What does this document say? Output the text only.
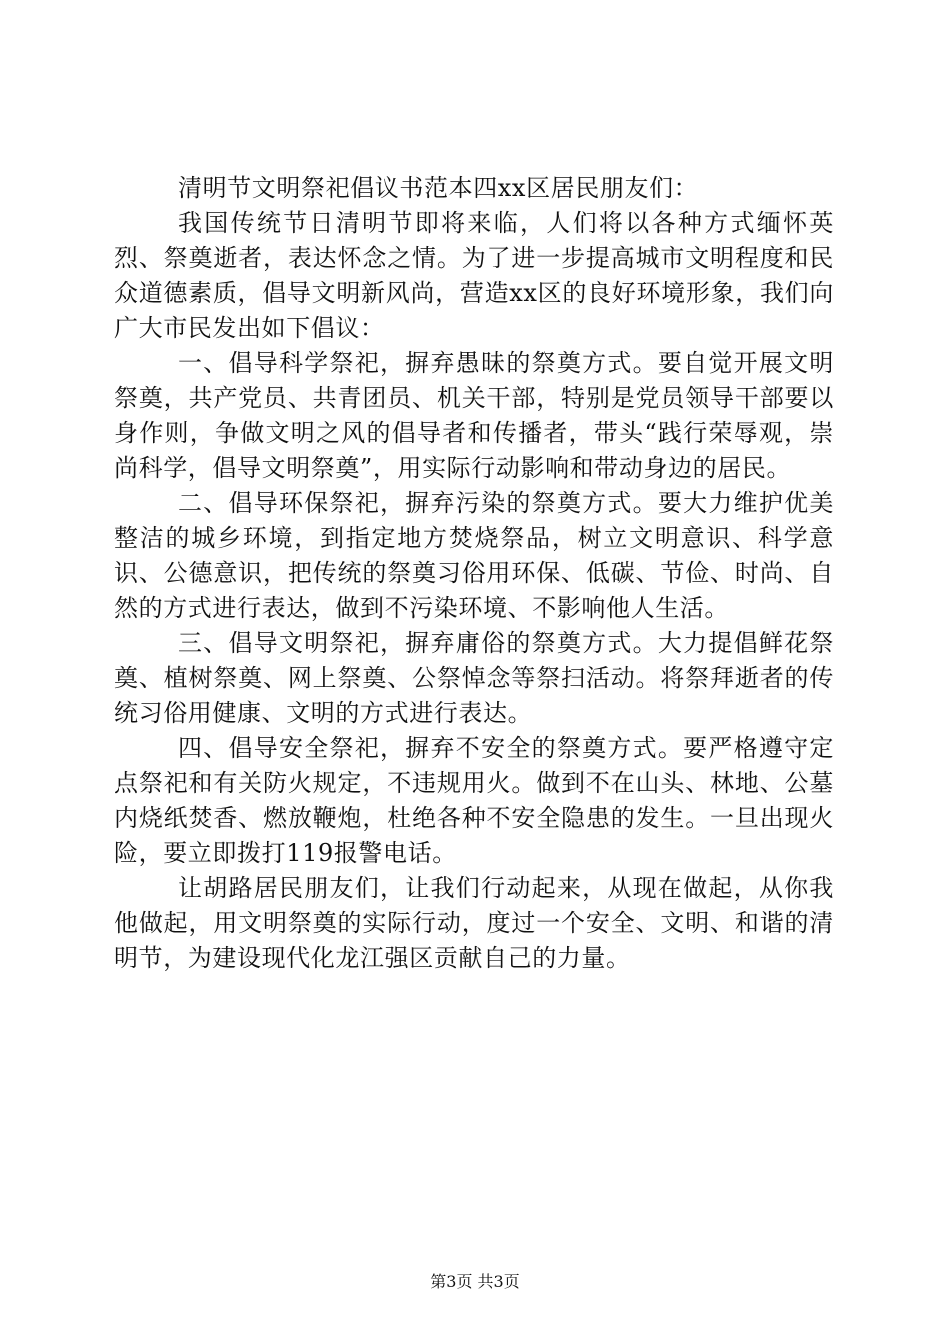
清明节文明祭祀倡议书范本四xx区居民朋友们：

我国传统节日清明节即将来临，人们将以各种方式缅怀英烈、祭奠逝者，表达怀念之情。为了进一步提高城市文明程度和民众道德素质，倡导文明新风尚，营造xx区的良好环境形象，我们向广大市民发出如下倡议：

一、倡导科学祭祀，摒弃愚昧的祭奠方式。要自觉开展文明祭奠，共产党员、共青团员、机关干部，特别是党员领导干部要以身作则，争做文明之风的倡导者和传播者，带头“践行荣辱观，崇尚科学，倡导文明祭奠”，用实际行动影响和带动身边的居民。

二、倡导环保祭祀，摒弃污染的祭奠方式。要大力维护优美整洁的城乡环境，到指定地方焚烧祭品，树立文明意识、科学意识、公德意识，把传统的祭奠习俗用环保、低碳、节俭、时尚、自然的方式进行表达，做到不污染环境、不影响他人生活。

三、倡导文明祭祀，摒弃庸俗的祭奠方式。大力提倡鲜花祭奠、植树祭奠、网上祭奠、公祭悼念等祭扫活动。将祭拜逝者的传统习俗用健康、文明的方式进行表达。

四、倡导安全祭祀，摒弃不安全的祭奠方式。要严格遵守定点祭祀和有关防火规定，不违规用火。做到不在山头、林地、公墓内烧纸焚香、燃放鞭炮，杜绝各种不安全隐患的发生。一旦出现火险，要立即拨打119报警电话。

让胡路居民朋友们，让我们行动起来，从现在做起，从你我他做起，用文明祭奠的实际行动，度过一个安全、文明、和谐的清明节，为建设现代化龙江强区贡献自己的力量。

第3页 共3页
